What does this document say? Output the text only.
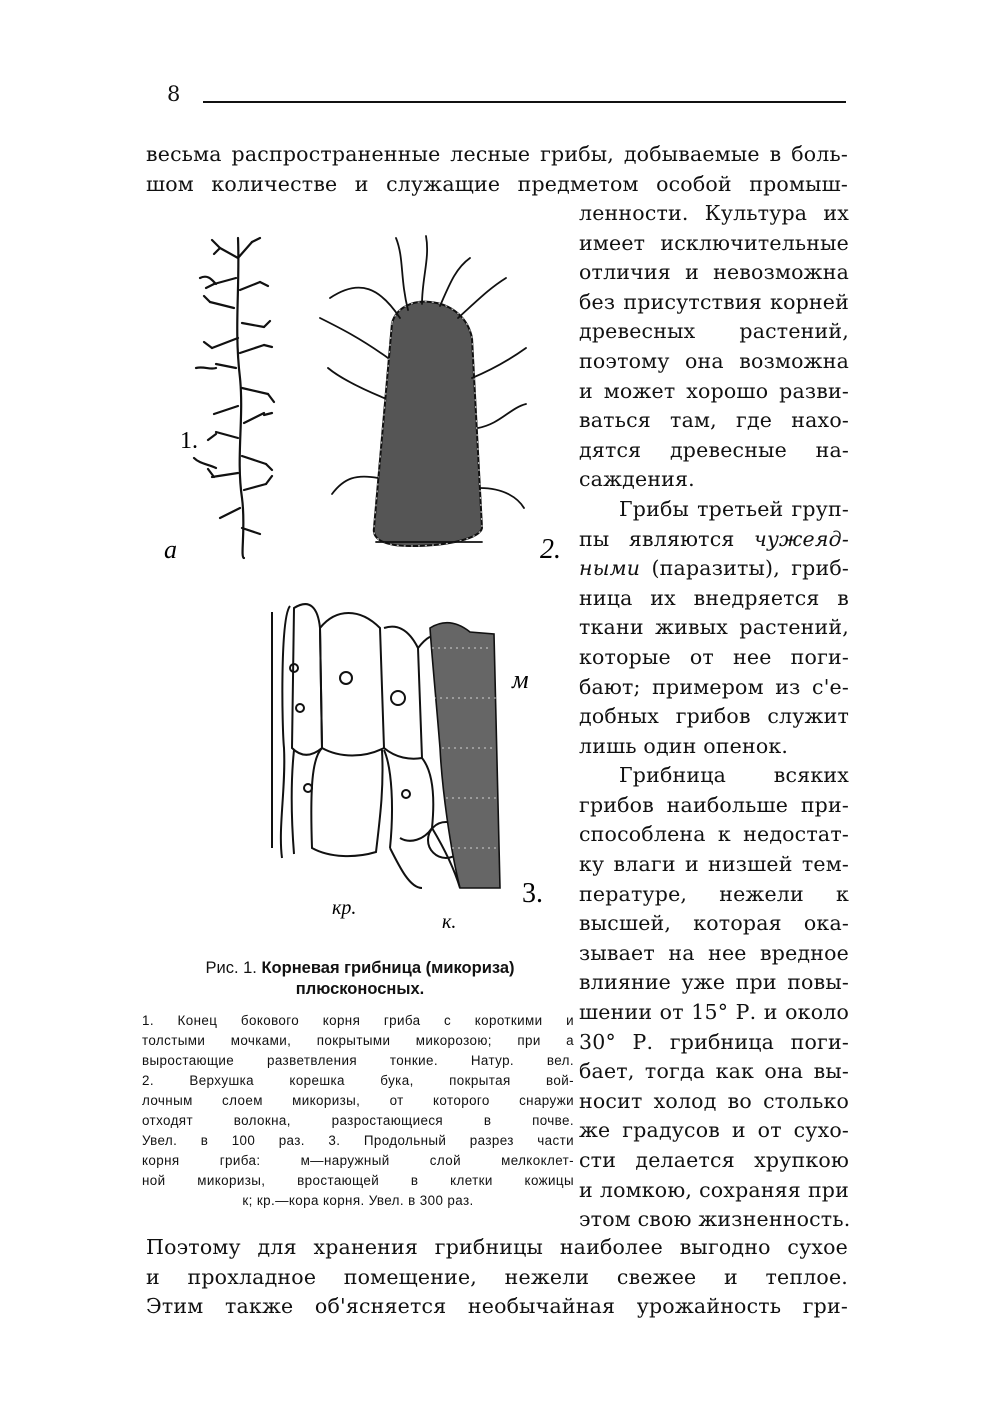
8
весьма распространенные лесные грибы, добываемые в боль-
шом количестве и служащие предметом особой промыш-
ленности. Культура их
имеет исключительные
отличия и невозможна
без присутствия корней
древесных растений,
поэтому она возможна
и может хорошо разви-
ваться там, где нахо-
дятся древесные на-
саждения.
Грибы третьей груп-
пы являются чужеяд-
ными (паразиты), гриб-
ница их внедряется в
ткани живых растений,
которые от нее поги-
бают; примером из с'е-
добных грибов служит
лишь один опенок.
Грибница всяких
грибов наибольше при-
способлена к недостат-
ку влаги и низшей тем-
пературе, нежели к
высшей, которая ока-
зывает на нее вредное
влияние уже при повы-
шении от 15° Р. и около
30° Р. грибница поги-
бает, тогда как она вы-
носит холод во столько
же градусов и от сухо-
сти делается хрупкою
и ломкою, сохраняя при
этом свою жизненность.
1.
a	2.
м
3.
кр.
к.
Рис. 1. Корневая грибница (микориза)
плюсконосных.
1. Конец бокового корня гриба с короткими и
толстыми мочками, покрытыми микорозою; при а
выростающие разветвления тонкие. Натур. вел.
2. Верхушка корешка бука, покрытая вой-
лочным слоем микоризы, от которого снаружи
отходят волокна, разростающиеся в почве.
Увел. в 100 раз. 3. Продольный разрез части
корня гриба: м—наружный слой мелкоклет-
ной микоризы, вростающей в клетки кожицы
к; кр.—кора корня. Увел. в 300 раз.
Поэтому для хранения грибницы наиболее выгодно сухое
и прохладное помещение, нежели свежее и теплое.
Этим также об'ясняется необычайная урожайность гри-
